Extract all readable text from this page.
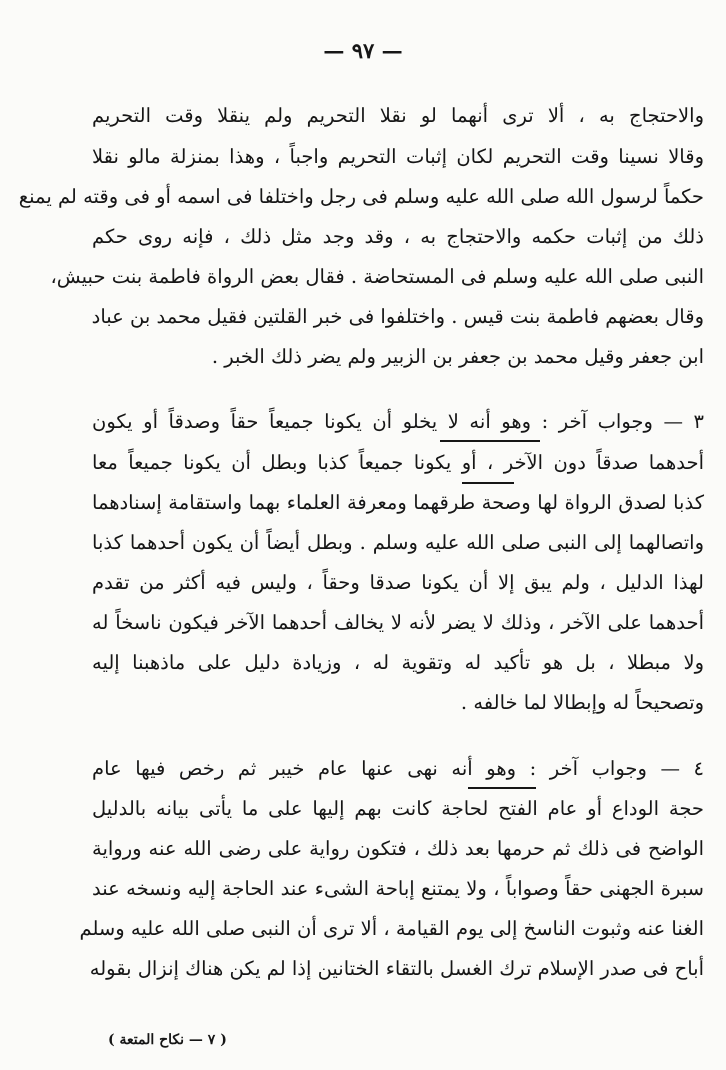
— ٩٧ —
والاحتجاج به ، ألا ترى أنهما لو نقلا التحريم ولم ينقلا وقت التحريم
وقالا نسينا وقت التحريم لكان إثبات التحريم واجباً ، وهذا بمنزلة مالو نقلا
حكماً لرسول الله صلى الله عليه وسلم فى رجل واختلفا فى اسمه أو فى وقته لم يمنع
ذلك من إثبات حكمه والاحتجاج به ، وقد وجد مثل ذلك ، فإنه روى حكم
النبى صلى الله عليه وسلم فى المستحاضة . فقال بعض الرواة فاطمة بنت حبيش،
وقال بعضهم فاطمة بنت قيس . واختلفوا فى خبر القلتين فقيل محمد بن عباد
ابن جعفر وقيل محمد بن جعفر بن الزبير ولم يضر ذلك الخبر .
٣ — وجواب آخر : وهو أنه لا يخلو أن يكونا جميعاً حقاً وصدقاً أو يكون
أحدهما صدقاً دون الآخر ، أو يكونا جميعاً كذبا وبطل أن يكونا جميعاً معا
كذبا لصدق الرواة لها وصحة طرقهما ومعرفة العلماء بهما واستقامة إسنادهما
واتصالهما إلى النبى صلى الله عليه وسلم . وبطل أيضاً أن يكون أحدهما كذبا
لهذا الدليل ، ولم يبق إلا أن يكونا صدقا وحقاً ، وليس فيه أكثر من تقدم
أحدهما على الآخر ، وذلك لا يضر لأنه لا يخالف أحدهما الآخر فيكون ناسخاً له
ولا مبطلا ، بل هو تأكيد له وتقوية له ، وزيادة دليل على ماذهبنا إليه
وتصحيحاً له وإبطالا لما خالفه .
٤ — وجواب آخر : وهو أنه نهى عنها عام خيبر ثم رخص فيها عام
حجة الوداع أو عام الفتح لحاجة كانت بهم إليها على ما يأتى بيانه بالدليل
الواضح فى ذلك ثم حرمها بعد ذلك ، فتكون رواية على رضى الله عنه ورواية
سبرة الجهنى حقاً وصواباً ، ولا يمتنع إباحة الشىء عند الحاجة إليه ونسخه عند
الغنا عنه وثبوت الناسخ إلى يوم القيامة ، ألا ترى أن النبى صلى الله عليه وسلم
أباح فى صدر الإسلام ترك الغسل بالتقاء الختانين إذا لم يكن هناك إنزال بقوله
( ٧ — نكاح المتعة )
